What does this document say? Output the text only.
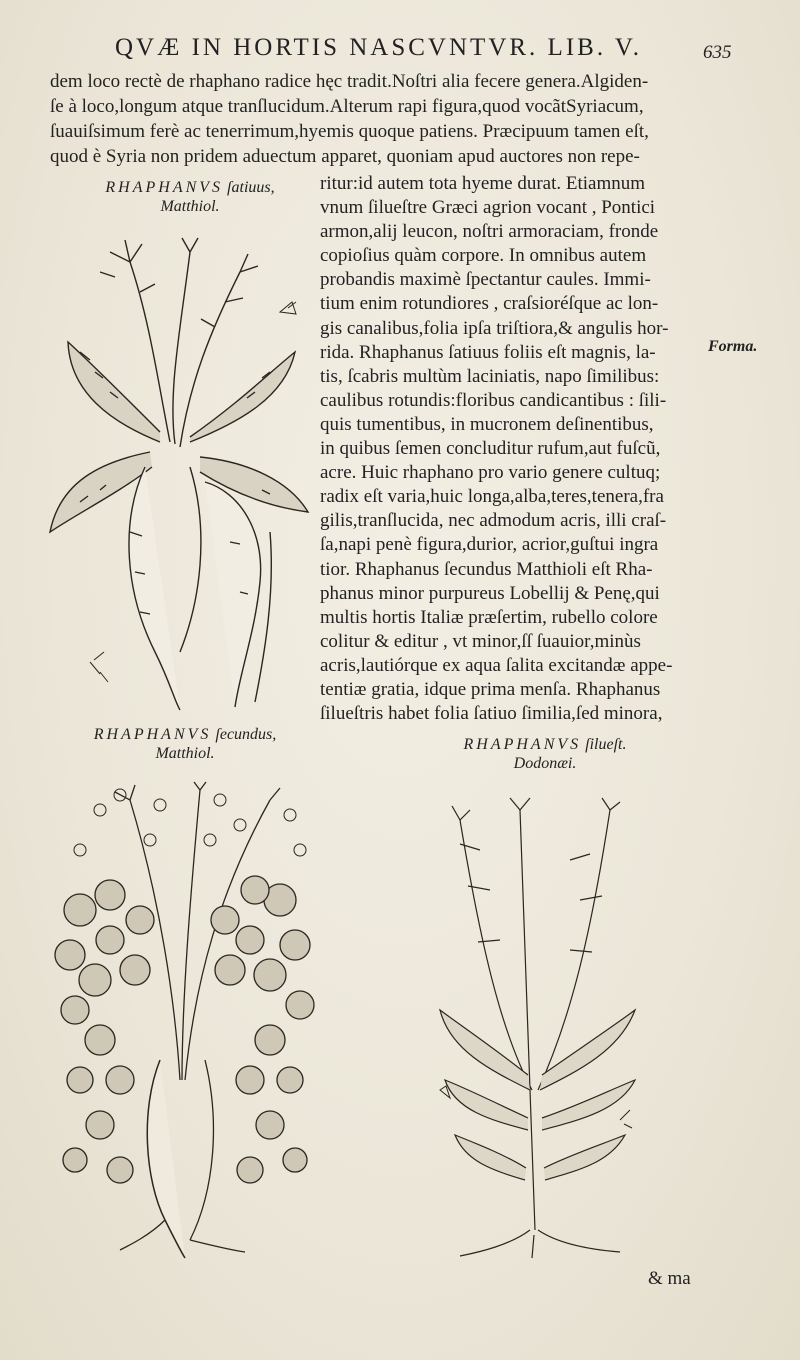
QVÆ IN HORTIS NASCVNTVR. LIB. V.	635
dem loco rectè de rhaphano radice hęc tradit.Noſtri alia fecere genera.Algiden-
ſe à loco,longum atque tranſlucidum.Alterum rapi figura,quod vocãtSyriacum,
ſuauiſsimum ferè ac tenerrimum,hyemis quoque patiens. Præcipuum tamen eſt,
quod è Syria non pridem aduectum apparet, quoniam apud auctores non repe-
ritur:id autem tota hyeme durat. Etiamnum
vnum ſilueſtre Græci agrion vocant , Pontici
armon,alij leucon, noſtri armoraciam, fronde
copioſius quàm corpore. In omnibus autem
probandis maximè ſpectantur caules. Immi-
tium enim rotundiores , craſsioréſque ac lon-
gis canalibus,folia ipſa triſtiora,& angulis hor-
rida. Rhaphanus ſatiuus foliis eſt magnis, la-
tis, ſcabris multùm laciniatis, napo ſimilibus:
caulibus rotundis:floribus candicantibus : ſili-
quis tumentibus, in mucronem deſinentibus,
in quibus ſemen concluditur rufum,aut fuſcũ,
acre. Huic rhaphano pro vario genere cultuq;
radix eſt varia,huic longa,alba,teres,tenera,fra
gilis,tranſlucida, nec admodum acris, illi craſ-
ſa,napi penè figura,durior, acrior,guſtui ingra
tior. Rhaphanus ſecundus Matthioli eſt Rha-
phanus minor purpureus Lobellij & Penę,qui
multis hortis Italiæ præſertim, rubello colore
colitur & editur , vt minor,ſſ ſuauior,minùs
acris,lautiórque ex aqua ſalita excitandæ appe-
tentiæ gratia, idque prima menſa. Rhaphanus
ſilueſtris habet folia ſatiuo ſimilia,ſed minora,
Forma.
RHAPHANVS ſatiuus,
Matthiol.
RHAPHANVS ſecundus,
Matthiol.
RHAPHANVS ſilueſt.
Dodonæi.
& ma
